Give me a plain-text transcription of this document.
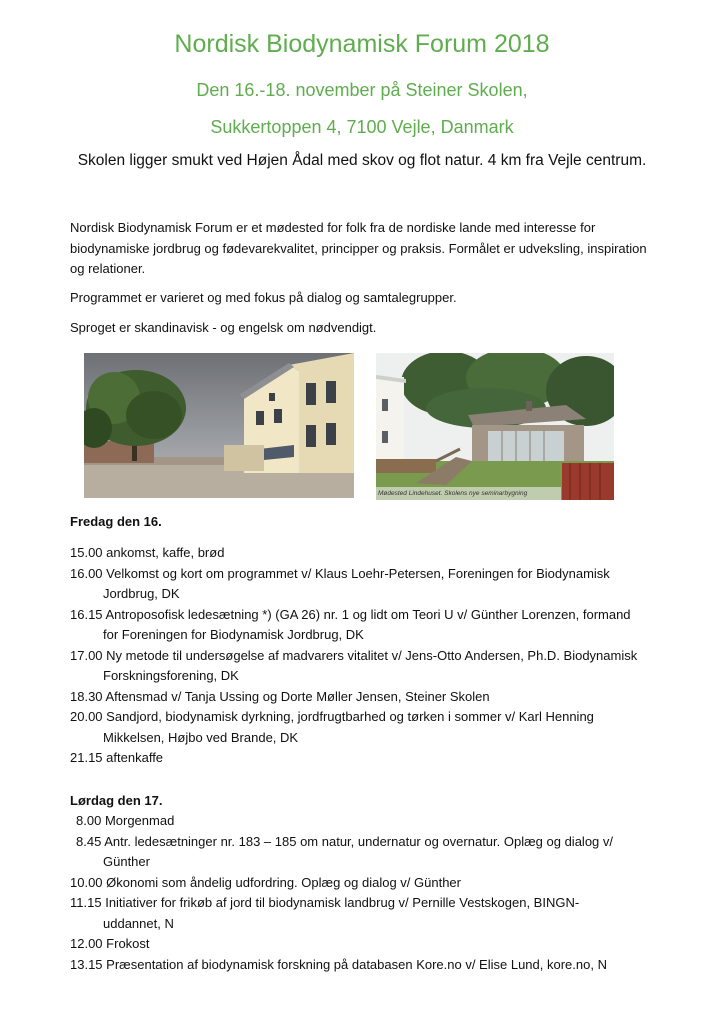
Nordisk Biodynamisk Forum 2018
Den 16.-18. november på Steiner Skolen,
Sukkertoppen 4, 7100 Vejle, Danmark
Skolen ligger smukt ved Højen Ådal med skov og flot natur. 4 km fra Vejle centrum.
Nordisk Biodynamisk Forum er et mødested for folk fra de nordiske lande med interesse for biodynamiske jordbrug og fødevarekvalitet, principper og praksis. Formålet er udveksling, inspiration og relationer.
Programmet er varieret og med fokus på dialog og samtalegrupper.
Sproget er skandinavisk - og engelsk om nødvendigt.
Mødested Lindehuset. Skolens nye seminarbygning
Fredag den 16.
15.00 ankomst, kaffe, brød
16.00 Velkomst og kort om programmet v/ Klaus Loehr-Petersen, Foreningen for Biodynamisk
Jordbrug, DK
16.15 Antroposofisk ledesætning *) (GA 26) nr. 1 og lidt om Teori U v/ Günther Lorenzen, formand
for Foreningen for Biodynamisk Jordbrug, DK
17.00 Ny metode til undersøgelse af madvarers vitalitet v/ Jens-Otto Andersen, Ph.D. Biodynamisk
Forskningsforening, DK
18.30 Aftensmad v/ Tanja Ussing og Dorte Møller Jensen, Steiner Skolen
20.00 Sandjord, biodynamisk dyrkning, jordfrugtbarhed og tørken i sommer v/ Karl Henning
Mikkelsen, Højbo ved Brande, DK
21.15 aftenkaffe
Lørdag den 17.
8.00 Morgenmad
8.45 Antr. ledesætninger nr. 183 – 185 om natur, undernatur og overnatur. Oplæg og dialog v/
Günther
10.00 Økonomi som åndelig udfordring. Oplæg og dialog v/ Günther
11.15 Initiativer for frikøb af jord til biodynamisk landbrug v/ Pernille Vestskogen, BINGN-
uddannet, N
12.00 Frokost
13.15 Præsentation af biodynamisk forskning på databasen Kore.no v/ Elise Lund, kore.no, N
